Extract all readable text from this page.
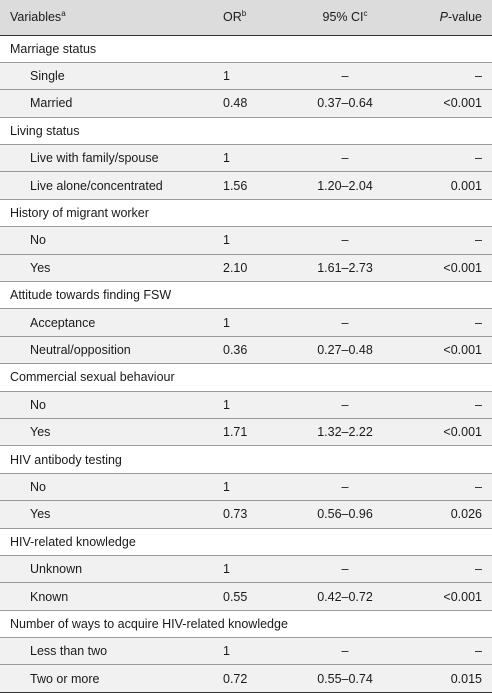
Variables$^a$	$OR^b$	95% $CI^c$	P-value
Marriage status			
Single	1	–	–
Married	0.48	0.37–0.64	<0.001
Living status			
Live with family/spouse	1	–	–
Live alone/concentrated	1.56	1.20–2.04	0.001
History of migrant worker			
No	1	–	–
Yes	2.10	1.61–2.73	<0.001
Attitude towards finding FSW			
Acceptance	1	–	–
Neutral/opposition	0.36	0.27–0.48	<0.001
Commercial sexual behaviour			
No	1	–	–
Yes	1.71	1.32–2.22	<0.001
HIV antibody testing			
No	1	–	–
Yes	0.73	0.56–0.96	0.026
HIV-related knowledge			
Unknown	1	–	–
Known	0.55	0.42–0.72	<0.001
Number of ways to acquire HIV-related knowledge			
Less than two	1	–	–
Two or more	0.72	0.55–0.74	0.015
